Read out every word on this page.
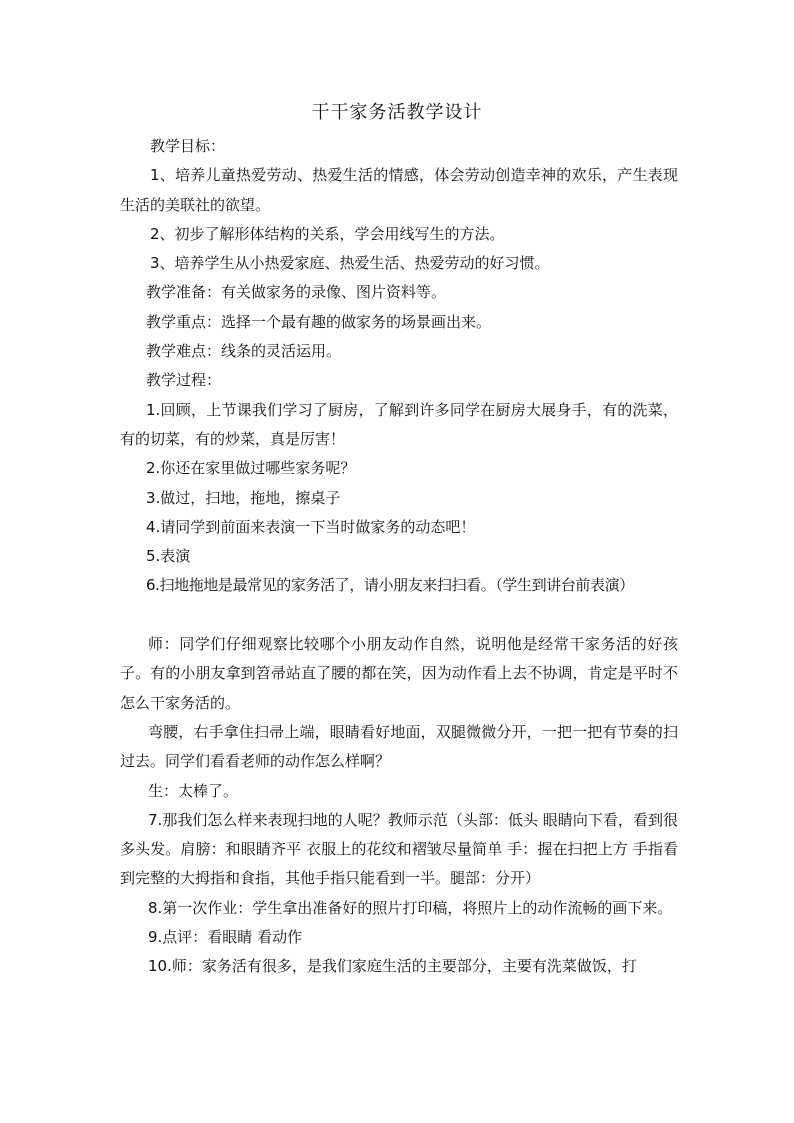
干干家务活教学设计

教学目标：

1、培养儿童热爱劳动、热爱生活的情感，体会劳动创造幸神的欢乐，产生表现生活的美联社的欲望。

2、初步了解形体结构的关系，学会用线写生的方法。

3、培养学生从小热爱家庭、热爱生活、热爱劳动的好习惯。

教学准备：有关做家务的录像、图片资料等。

教学重点：选择一个最有趣的做家务的场景画出来。

教学难点：线条的灵活运用。

教学过程：

1.回顾，上节课我们学习了厨房，了解到许多同学在厨房大展身手，有的洗菜，有的切菜，有的炒菜，真是厉害！

2.你还在家里做过哪些家务呢？

3.做过，扫地，拖地，擦桌子

4.请同学到前面来表演一下当时做家务的动态吧！

5.表演

6.扫地拖地是最常见的家务活了，请小朋友来扫扫看。（学生到讲台前表演）

师：同学们仔细观察比较哪个小朋友动作自然，说明他是经常干家务活的好孩子。有的小朋友拿到笤帚站直了腰的都在笑，因为动作看上去不协调，肯定是平时不怎么干家务活的。

弯腰，右手拿住扫帚上端，眼睛看好地面，双腿微微分开，一把一把有节奏的扫过去。同学们看看老师的动作怎么样啊？

生：太棒了。

7.那我们怎么样来表现扫地的人呢？教师示范（头部：低头 眼睛向下看，看到很多头发。肩膀：和眼睛齐平 衣服上的花纹和褶皱尽量简单 手：握在扫把上方 手指看到完整的大拇指和食指，其他手指只能看到一半。腿部：分开）

8.第一次作业：学生拿出准备好的照片打印稿，将照片上的动作流畅的画下来。

9.点评：看眼睛 看动作

10.师：家务活有很多，是我们家庭生活的主要部分，主要有洗菜做饭，打
